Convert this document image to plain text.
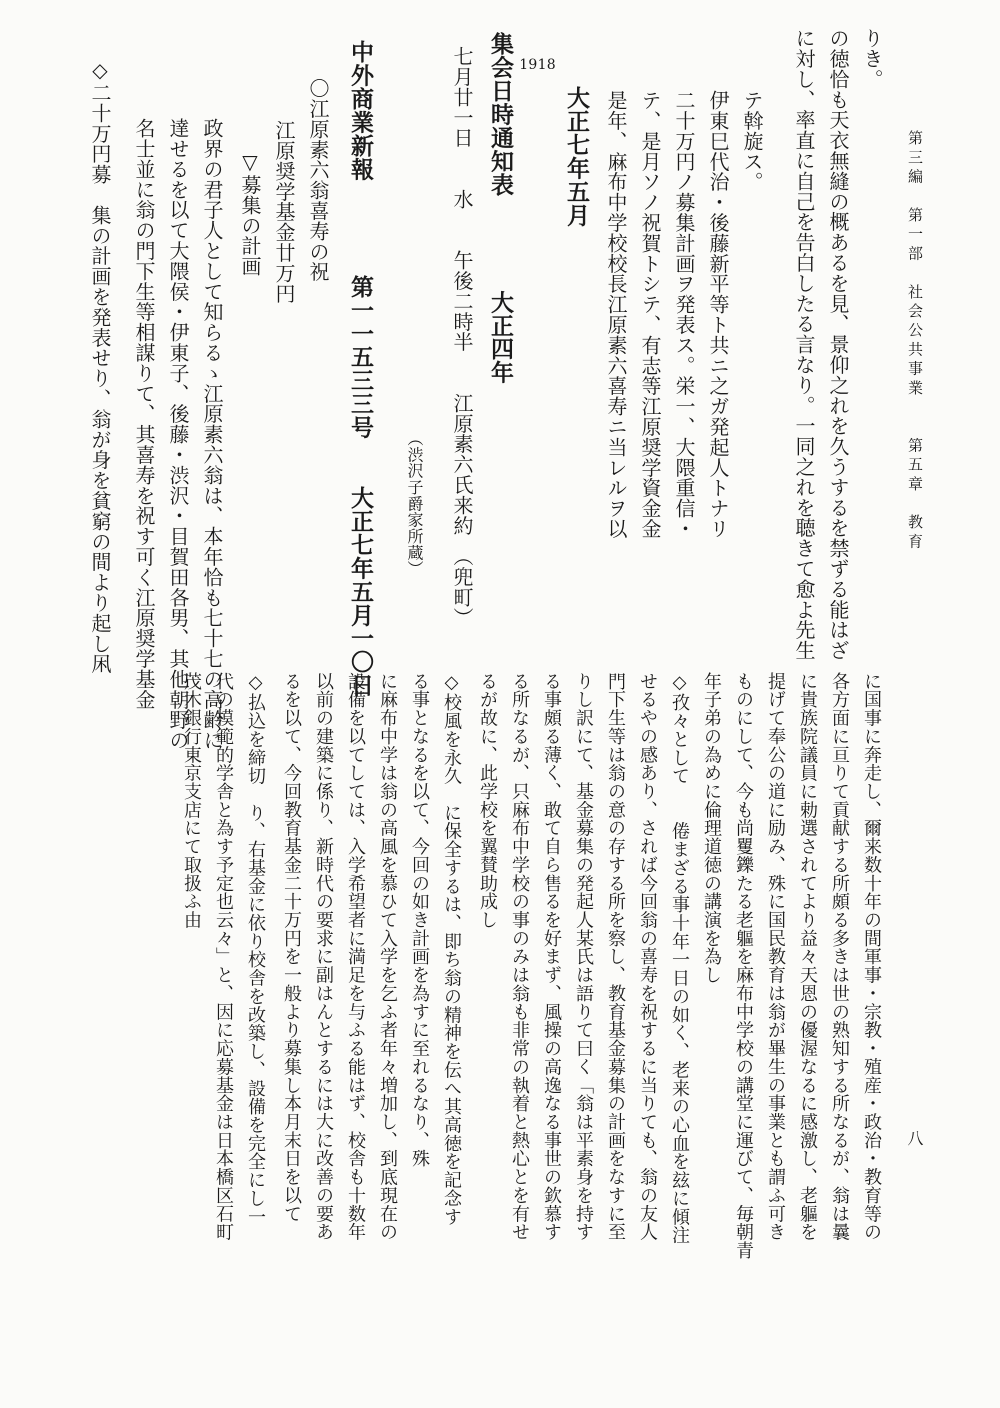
第三編　第一部　社会公共事業　　第五章　教育
八
りき。
の徳恰も天衣無縫の概あるを見、景仰之れを久うするを禁ずる能はざ
に対し、率直に自己を告白したる言なり。一同之れを聴きて愈よ先生
テ斡旋ス。
伊東巳代治・後藤新平等ト共ニ之ガ発起人トナリ
二十万円ノ募集計画ヲ発表ス。栄一、大隈重信・
テ、是月ソノ祝賀トシテ、有志等江原奨学資金金
是年、麻布中学校校長江原素六喜寿ニ当レルヲ以
大正七年五月
1918
集会日時通知表　　　　大正四年
七月廿一日　　水　　午後二時半　　江原素六氏来約　（兜町）
（渋沢子爵家所蔵）
中外商業新報　　　　第一一五三三号　　大正七年五月一〇日
〇江原素六翁喜寿の祝
江原奨学基金廿万円
▽募集の計画
政界の君子人として知らるゝ江原素六翁は、本年恰も七十七の高齢に
達せるを以て大隈侯・伊東子、後藤・渋沢・目賀田各男、其他朝野の
名士並に翁の門下生等相謀りて、其喜寿を祝す可く江原奨学基金
◇二十万円募　集の計画を発表せり、翁が身を貧窮の間より起し凩
に国事に奔走し、爾来数十年の間軍事・宗教・殖産・政治・教育等の
各方面に亘りて貢献する所頗る多きは世の熟知する所なるが、翁は曩
に貴族院議員に勅選されてより益々天恩の優渥なるに感激し、老軀を
提げて奉公の道に励み、殊に国民教育は翁が畢生の事業とも謂ふ可き
ものにして、今も尚矍鑠たる老軀を麻布中学校の講堂に運びて、毎朝青
年子弟の為めに倫理道徳の講演を為し
◇孜々として　　倦まざる事十年一日の如く、老来の心血を玆に傾注
せるやの感あり、されば今回翁の喜寿を祝するに当りても、翁の友人
門下生等は翁の意の存する所を察し、教育基金募集の計画をなすに至
りし訳にて、基金募集の発起人某氏は語りて曰く「翁は平素身を持す
る事頗る薄く、敢て自ら售るを好まず、風操の高逸なる事世の欽慕す
る所なるが、只麻布中学校の事のみは翁も非常の執着と熱心とを有せ
るが故に、此学校を翼賛助成し
◇校風を永久　に保全するは、即ち翁の精神を伝へ其高徳を記念す
る事となるを以て、今回の如き計画を為すに至れるなり、殊
に麻布中学は翁の高風を慕ひて入学を乞ふ者年々増加し、到底現在の
設備を以てしては、入学希望者に満足を与ふる能はず、校舎も十数年
以前の建築に係り、新時代の要求に副はんとするには大に改善の要あ
るを以て、今回教育基金二十万円を一般より募集し本月末日を以て
◇払込を締切　り、右基金に依り校舎を改築し、設備を完全にし一
代の模範的学舎と為す予定也云々」と、因に応募基金は日本橋区石町
茂木銀行東京支店にて取扱ふ由
